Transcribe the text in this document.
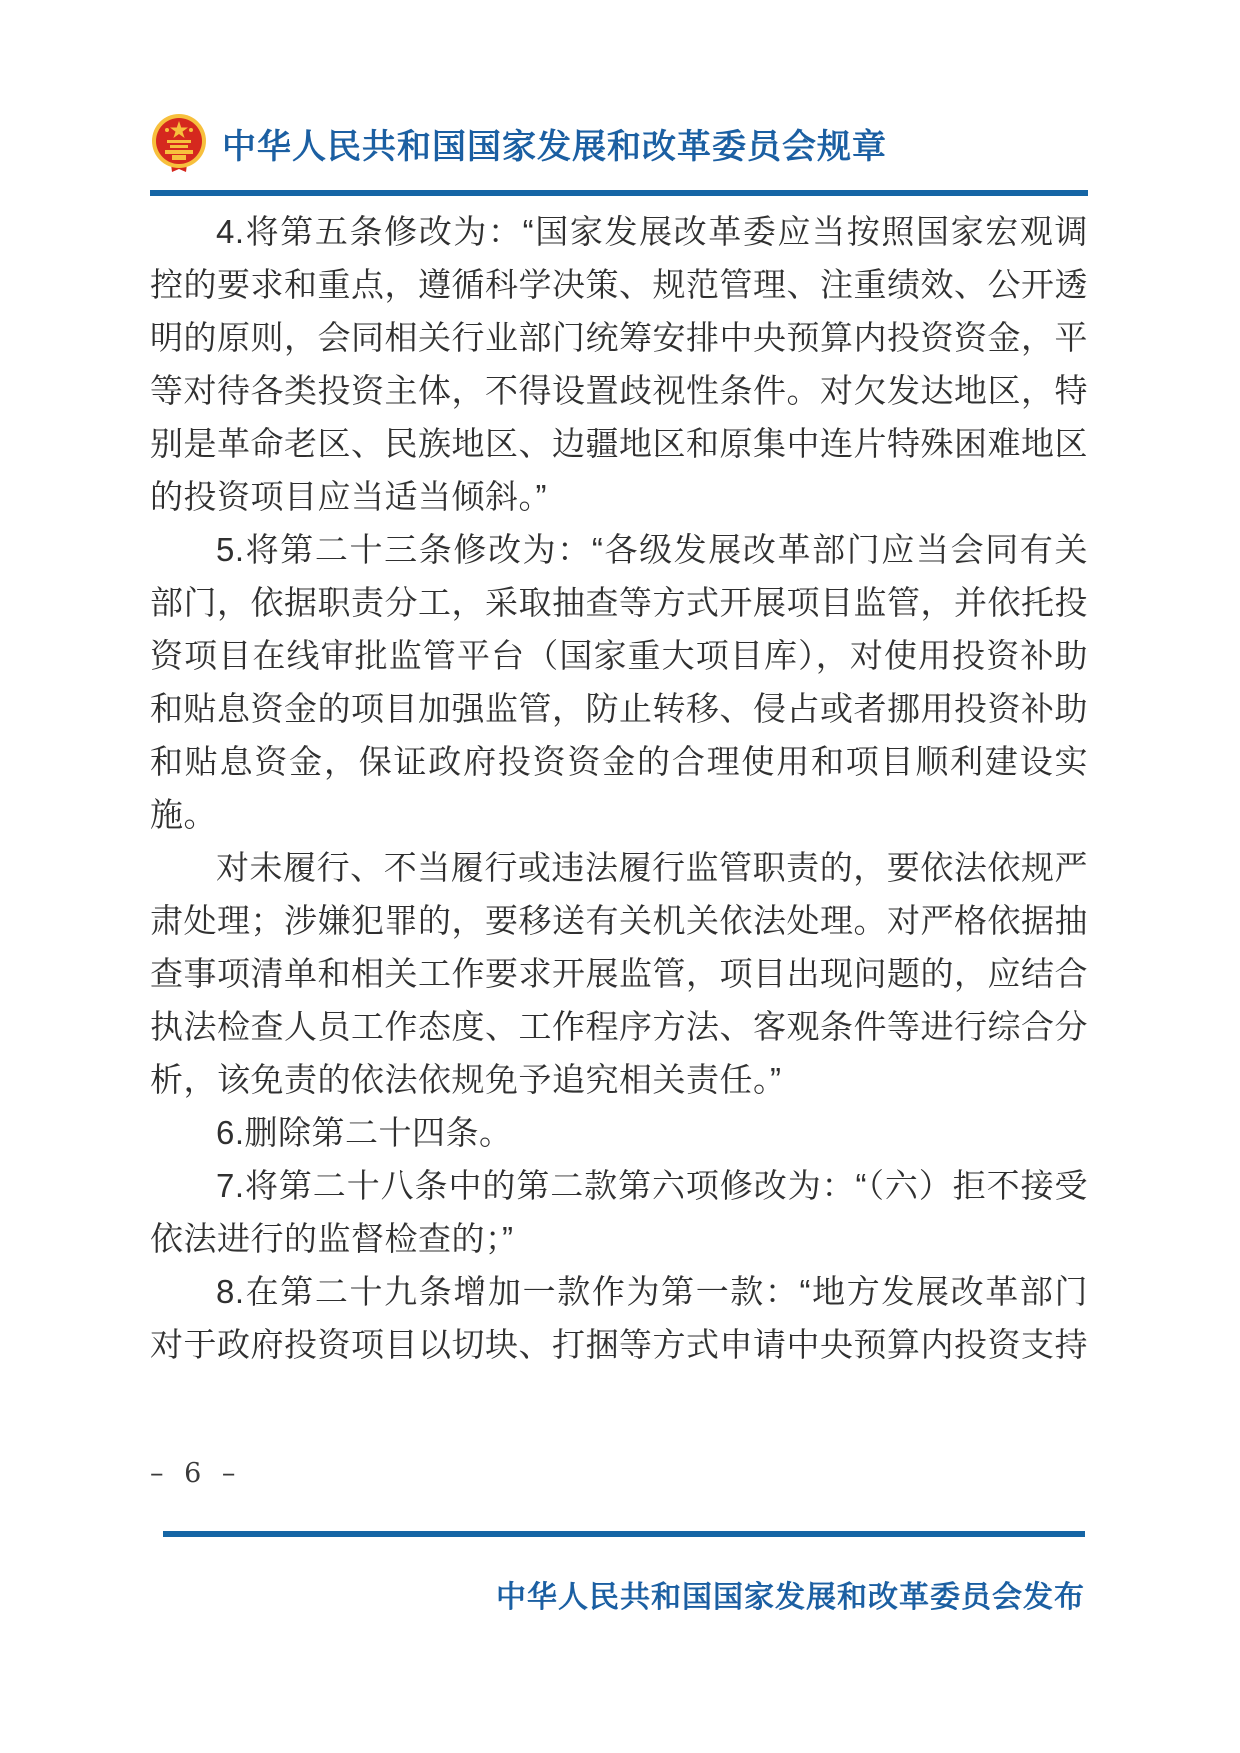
中华人民共和国国家发展和改革委员会规章

4.将第五条修改为：“国家发展改革委应当按照国家宏观调控的要求和重点，遵循科学决策、规范管理、注重绩效、公开透明的原则，会同相关行业部门统筹安排中央预算内投资资金，平等对待各类投资主体，不得设置歧视性条件。对欠发达地区，特别是革命老区、民族地区、边疆地区和原集中连片特殊困难地区的投资项目应当适当倾斜。”

5.将第二十三条修改为：“各级发展改革部门应当会同有关部门，依据职责分工，采取抽查等方式开展项目监管，并依托投资项目在线审批监管平台（国家重大项目库），对使用投资补助和贴息资金的项目加强监管，防止转移、侵占或者挪用投资补助和贴息资金，保证政府投资资金的合理使用和项目顺利建设实施。

对未履行、不当履行或违法履行监管职责的，要依法依规严肃处理；涉嫌犯罪的，要移送有关机关依法处理。对严格依据抽查事项清单和相关工作要求开展监管，项目出现问题的，应结合执法检查人员工作态度、工作程序方法、客观条件等进行综合分析，该免责的依法依规免予追究相关责任。”

6.删除第二十四条。

7.将第二十八条中的第二款第六项修改为：“（六）拒不接受依法进行的监督检查的；”

8.在第二十九条增加一款作为第一款：“地方发展改革部门对于政府投资项目以切块、打捆等方式申请中央预算内投资支持

– 6 –
中华人民共和国国家发展和改革委员会发布
